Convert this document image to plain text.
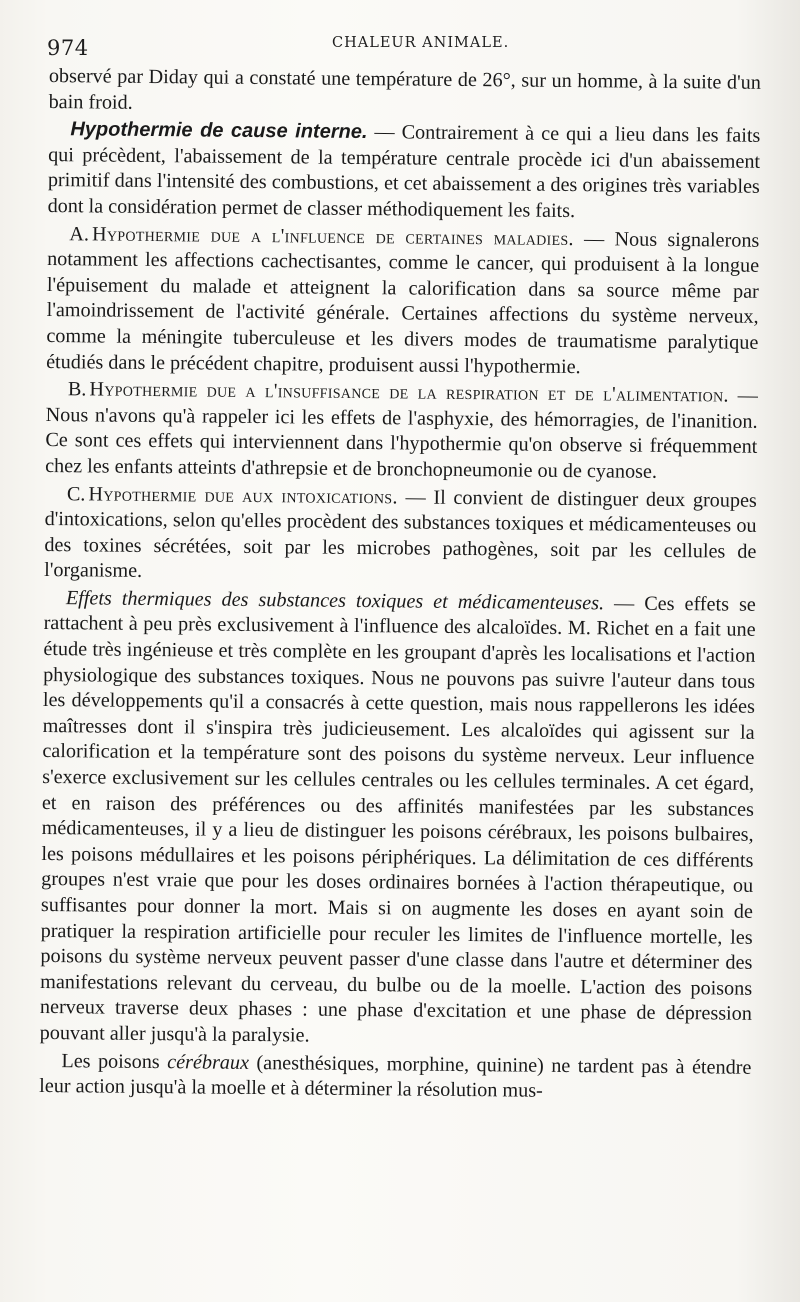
974	CHALEUR ANIMALE.

observé par Diday qui a constaté une température de 26°, sur un homme, à la suite d'un bain froid.

Hypothermie de cause interne. — Contrairement à ce qui a lieu dans les faits qui précèdent, l'abaissement de la température centrale procède ici d'un abaissement primitif dans l'intensité des combustions, et cet abaissement a des origines très variables dont la considération permet de classer méthodiquement les faits.

A. Hypothermie due a l'influence de certaines maladies. — Nous signalerons notamment les affections cachectisantes, comme le cancer, qui produisent à la longue l'épuisement du malade et atteignent la calorification dans sa source même par l'amoindrissement de l'activité générale. Certaines affections du système nerveux, comme la méningite tuberculeuse et les divers modes de traumatisme paralytique étudiés dans le précédent chapitre, produisent aussi l'hypothermie.

B. Hypothermie due a l'insuffisance de la respiration et de l'alimentation. — Nous n'avons qu'à rappeler ici les effets de l'asphyxie, des hémorragies, de l'inanition. Ce sont ces effets qui interviennent dans l'hypothermie qu'on observe si fréquemment chez les enfants atteints d'athrepsie et de bronchopneumonie ou de cyanose.

C. Hypothermie due aux intoxications. — Il convient de distinguer deux groupes d'intoxications, selon qu'elles procèdent des substances toxiques et médicamenteuses ou des toxines sécrétées, soit par les microbes pathogènes, soit par les cellules de l'organisme.

Effets thermiques des substances toxiques et médicamenteuses. — Ces effets se rattachent à peu près exclusivement à l'influence des alcaloïdes. M. Richet en a fait une étude très ingénieuse et très complète en les groupant d'après les localisations et l'action physiologique des substances toxiques. Nous ne pouvons pas suivre l'auteur dans tous les développements qu'il a consacrés à cette question, mais nous rappellerons les idées maîtresses dont il s'inspira très judicieusement. Les alcaloïdes qui agissent sur la calorification et la température sont des poisons du système nerveux. Leur influence s'exerce exclusivement sur les cellules centrales ou les cellules terminales. A cet égard, et en raison des préférences ou des affinités manifestées par les substances médicamenteuses, il y a lieu de distinguer les poisons cérébraux, les poisons bulbaires, les poisons médullaires et les poisons périphériques. La délimitation de ces différents groupes n'est vraie que pour les doses ordinaires bornées à l'action thérapeutique, ou suffisantes pour donner la mort. Mais si on augmente les doses en ayant soin de pratiquer la respiration artificielle pour reculer les limites de l'influence mortelle, les poisons du système nerveux peuvent passer d'une classe dans l'autre et déterminer des manifestations relevant du cerveau, du bulbe ou de la moelle. L'action des poisons nerveux traverse deux phases : une phase d'excitation et une phase de dépression pouvant aller jusqu'à la paralysie.

Les poisons cérébraux (anesthésiques, morphine, quinine) ne tardent pas à étendre leur action jusqu'à la moelle et à déterminer la résolution mus-
